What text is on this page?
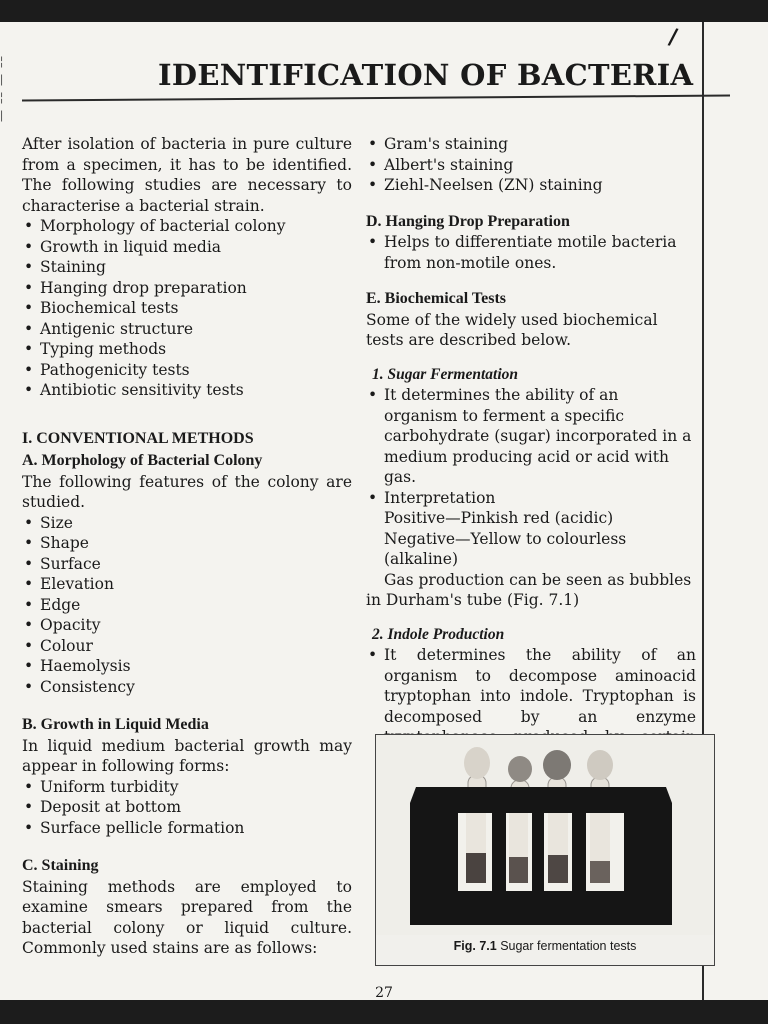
/
¦
|
¦
|
IDENTIFICATION OF BACTERIA

After isolation of bacteria in pure culture from a specimen, it has to be identified. The following studies are necessary to characterise a bacterial strain.

• Morphology of bacterial colony
• Growth in liquid media
• Staining
• Hanging drop preparation
• Biochemical tests
• Antigenic structure
• Typing methods
• Pathogenicity tests
• Antibiotic sensitivity tests

I. CONVENTIONAL METHODS

A. Morphology of Bacterial Colony

The following features of the colony are studied.

• Size
• Shape
• Surface
• Elevation
• Edge
• Opacity
• Colour
• Haemolysis
• Consistency

B. Growth in Liquid Media

In liquid medium bacterial growth may appear in following forms:

• Uniform turbidity
• Deposit at bottom
• Surface pellicle formation

C. Staining

Staining methods are employed to examine smears prepared from the bacterial colony or liquid culture. Commonly used stains are as follows:

• Gram's staining
• Albert's staining
• Ziehl-Neelsen (ZN) staining

D. Hanging Drop Preparation

• Helps to differentiate motile bacteria from non-motile ones.

E. Biochemical Tests

Some of the widely used biochemical tests are described below.

1. Sugar Fermentation

• It determines the ability of an organism to ferment a specific carbohydrate (sugar) incorporated in a medium producing acid or acid with gas.
• Interpretation

Positive—Pinkish red (acidic)

Negative—Yellow to colourless (alkaline)

Gas production can be seen as bubbles in Durham's tube (Fig. 7.1)

2. Indole Production

• It determines the ability of an organism to decompose aminoacid tryptophan into indole. Tryptophan is decomposed by an enzyme
Fig. 7.1 Sugar fermentation tests
27
